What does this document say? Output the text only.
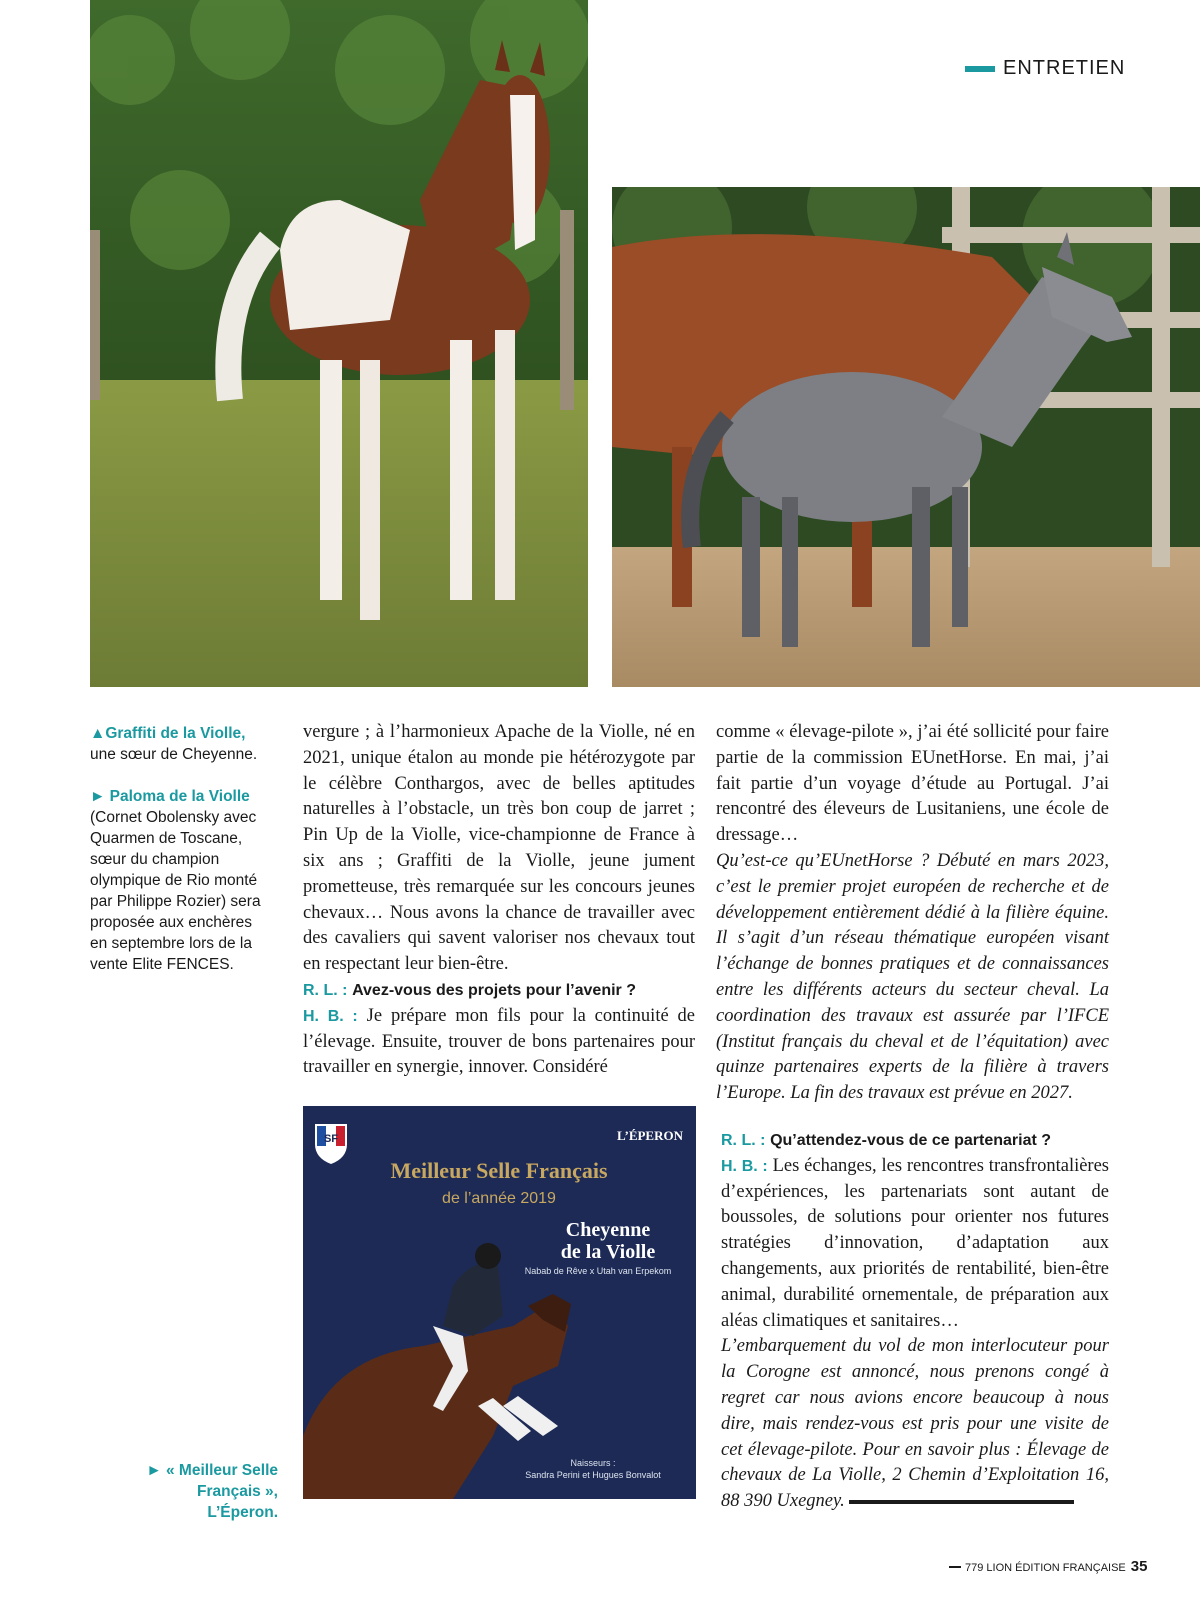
ENTRETIEN
▲Graffiti de la Violle,
une sœur de Cheyenne.
► Paloma de la Violle
(Cornet Obolensky avec Quarmen de Toscane, sœur du champion olympique de Rio monté par Philippe Rozier) sera proposée aux enchères en septembre lors de la vente Elite FENCES.
► « Meilleur Selle Français », L’Éperon.

vergure ; à l’harmonieux Apache de la Violle, né en 2021, unique étalon au monde pie hétérozygote par le célèbre Conthargos, avec de belles aptitudes naturelles à l’obstacle, un très bon coup de jarret ; Pin Up de la Violle, vice-championne de France à six ans ; Graffiti de la Violle, jeune jument prometteuse, très remarquée sur les concours jeunes chevaux… Nous avons la chance de travailler avec des cavaliers qui savent valoriser nos chevaux tout en respectant leur bien-être.

R. L. : Avez-vous des projets pour l’avenir ?

H. B. : Je prépare mon fils pour la continuité de l’élevage. Ensuite, trouver de bons partenaires pour travailler en synergie, innover. Considéré

comme « élevage-pilote », j’ai été sollicité pour faire partie de la commission EUnetHorse. En mai, j’ai fait partie d’un voyage d’étude au Portugal. J’ai rencontré des éleveurs de Lusitaniens, une école de dressage…

Qu’est-ce qu’EUnetHorse ? Débuté en mars 2023, c’est le premier projet européen de recherche et de développement entièrement dédié à la filière équine. Il s’agit d’un réseau thématique européen visant l’échange de bonnes pratiques et de connaissances entre les différents acteurs du secteur cheval. La coordination des travaux est assurée par l’IFCE (Institut français du cheval et de l’équitation) avec quinze partenaires experts de la filière à travers l’Europe. La fin des travaux est prévue en 2027.

R. L. : Qu’attendez-vous de ce partenariat ?

H. B. : Les échanges, les rencontres transfrontalières d’expériences, les partenariats sont autant de boussoles, de solutions pour orienter nos futures stratégies d’innovation, d’adaptation aux changements, aux priorités de rentabilité, bien-être animal, durabilité ornementale, de préparation aux aléas climatiques et sanitaires…

L’embarquement du vol de mon interlocuteur pour la Corogne est annoncé, nous prenons congé à regret car nous avions encore beaucoup à nous dire, mais rendez-vous est pris pour une visite de cet élevage-pilote. Pour en savoir plus : Élevage de chevaux de La Violle, 2 Chemin d’Exploitation 16, 88 390 Uxegney.

SF	L’ÉPERON
Meilleur Selle Français
de l’année 2019
Cheyenne
de la Violle
Nabab de Rêve x Utah van Erpekom
Naisseurs :
Sandra Perini et Hugues Bonvalot
779 LION ÉDITION FRANÇAISE 35
